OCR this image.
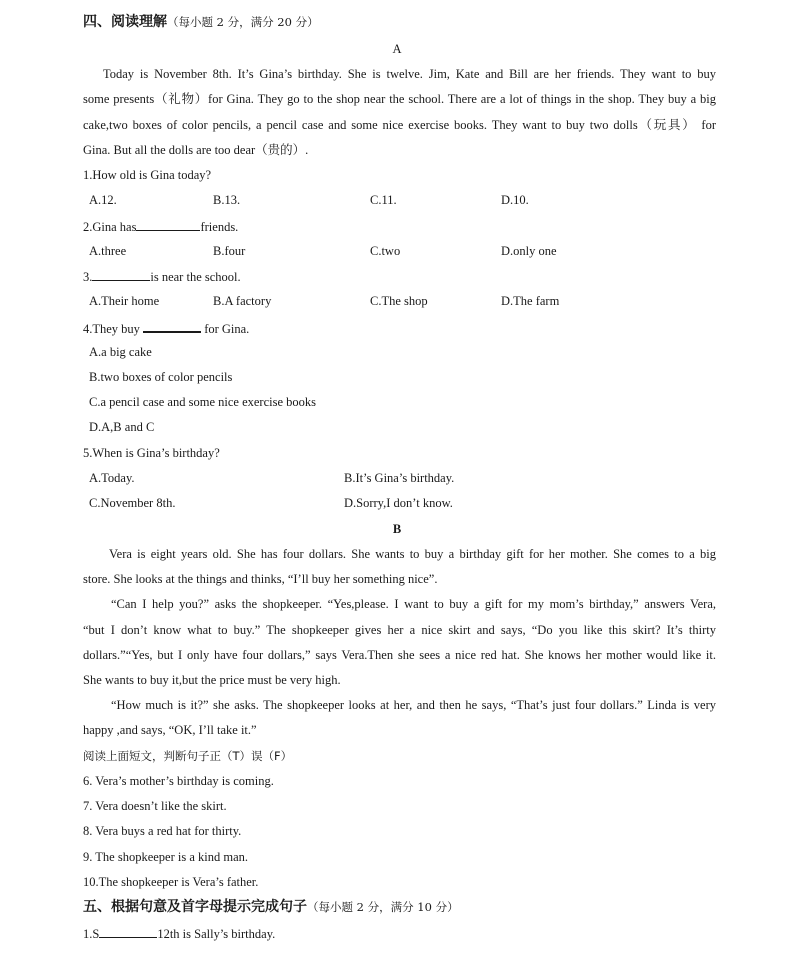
四、阅读理解（每小题 2 分，满分 20 分）
A
Today is November 8th. It’s Gina’s birthday. She is twelve. Jim, Kate and Bill are her friends. They want to buy
some presents（礼物）for Gina. They go to the shop near the school. There are a lot of things in the shop. They buy a big
cake,two boxes of color pencils, a pencil case and some nice exercise books. They want to buy two dolls（玩具） for
Gina. But all the dolls are too dear（贵的）.
1.How old is Gina today?
A.12.	B.13.	C.11.	D.10.
2.Gina has	friends.
A.three	B.four	C.two	D.only one
3.	is near the school.
A.Their home	B.A factory	C.The shop	D.The farm
4.They buy	for Gina.
A.a big cake
B.two boxes of color pencils
C.a pencil case and some nice exercise books
D.A,B and C
5.When is Gina’s birthday?
A.Today.	B.It’s Gina’s birthday.
C.November 8th.	D.Sorry,I don’t know.
B
Vera is eight years old. She has four dollars. She wants to buy a birthday gift for her mother. She comes to a big
store. She looks at the things and thinks, “I’ll buy her something nice”.
“Can I help you?” asks the shopkeeper. “Yes,please. I want to buy a gift for my mom’s birthday,” answers Vera,
“but I don’t know what to buy.” The shopkeeper gives her a nice skirt and says, “Do you like this skirt? It’s thirty
dollars.”“Yes, but I only have four dollars,” says Vera.Then she sees a nice red hat. She knows her mother would like it.
She wants to buy it,but the price must be very high.
“How much is it?” she asks. The shopkeeper looks at her, and then he says, “That’s just four dollars.” Linda is very
happy ,and says, “OK, I’ll take it.”
阅读上面短文，判断句子正（T）误（F）
6. Vera’s mother’s birthday is coming.
7. Vera doesn’t like the skirt.
8. Vera buys a red hat for thirty.
9. The shopkeeper is a kind man.
10.The shopkeeper is Vera’s father.
五、根据句意及首字母提示完成句子（每小题 2 分，满分 10 分）
1.S	12th is Sally’s birthday.
